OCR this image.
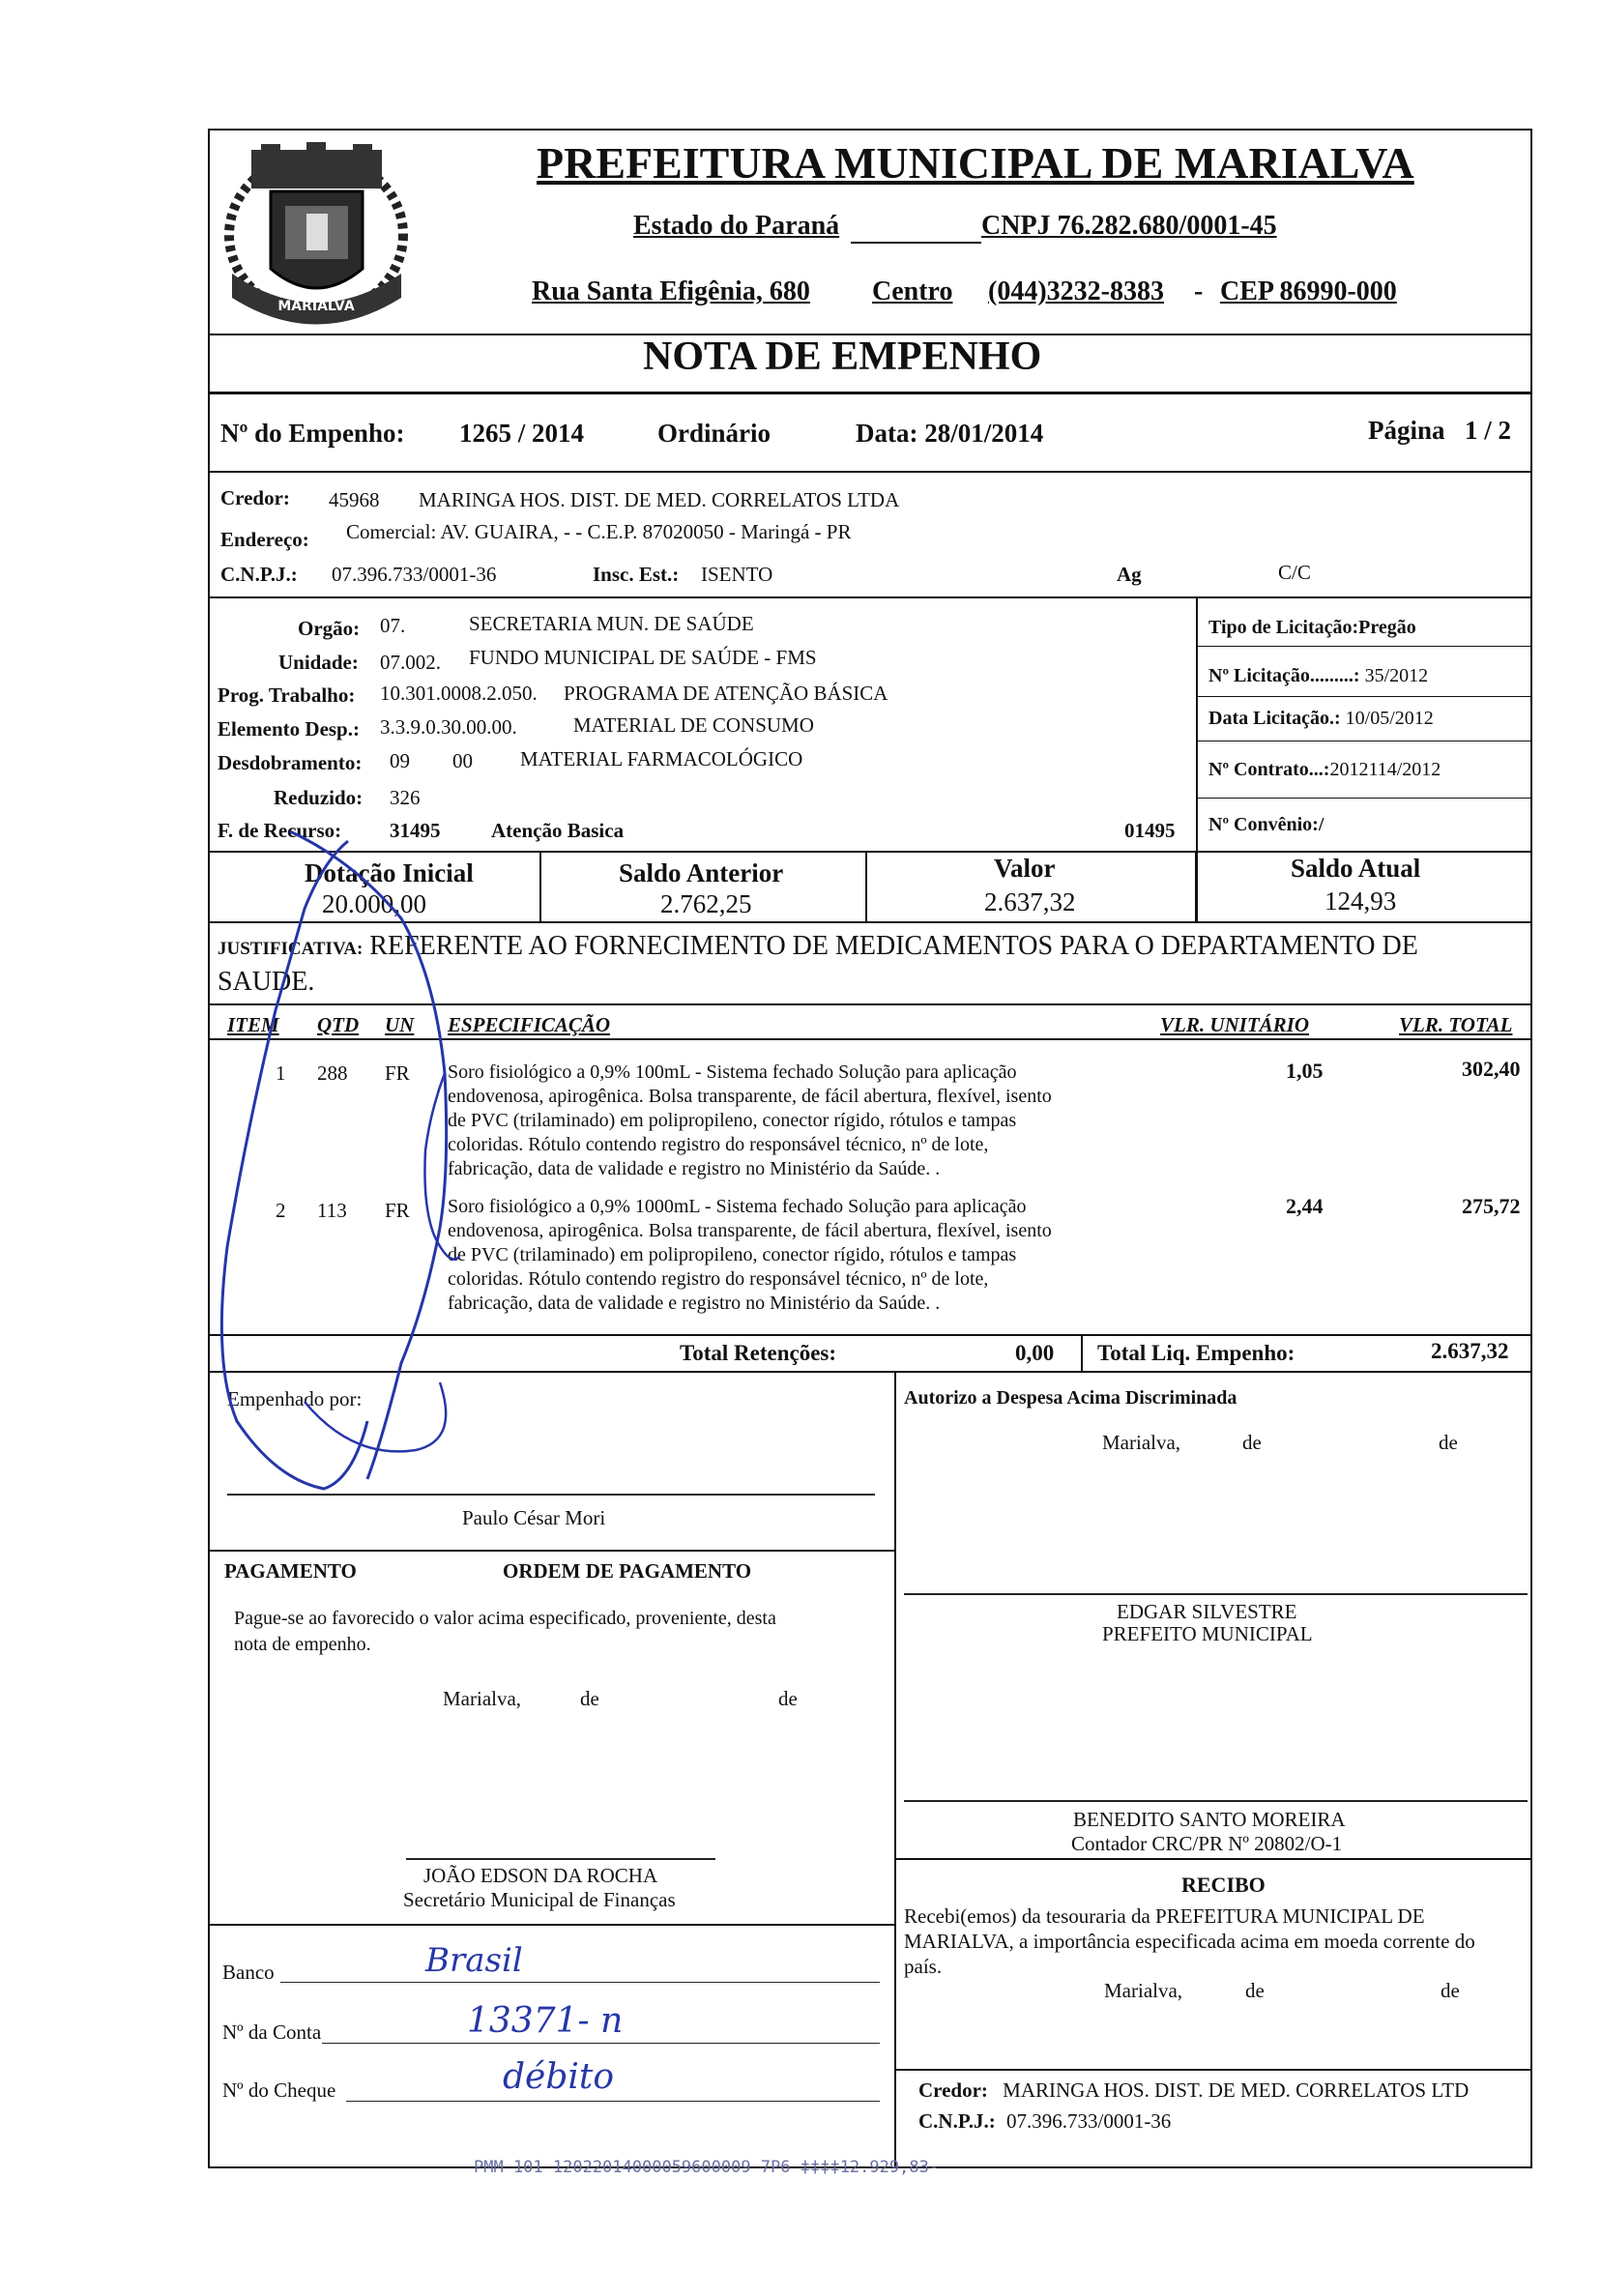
MARIALVA
PREFEITURA MUNICIPAL DE MARIALVA
Estado do Paraná	CNPJ 76.282.680/0001-45
Rua Santa Efigênia, 680 Centro (044)3232-8383 - CEP 86990-000
NOTA DE EMPENHO
Nº do Empenho: 1265 / 2014	Ordinário	Data: 28/01/2014	Página 1 / 2
Credor: 45968 MARINGA HOS. DIST. DE MED. CORRELATOS LTDA
Endereço: Comercial: AV. GUAIRA, - - C.E.P. 87020050 - Maringá - PR
C.N.P.J.: 07.396.733/0001-36	Insc. Est.: ISENTO	Ag	C/C
Orgão: 07.	SECRETARIA MUN. DE SAÚDE
Unidade: 07.002. FUNDO MUNICIPAL DE SAÚDE - FMS
Prog. Trabalho: 10.301.0008.2.050. PROGRAMA DE ATENÇÃO BÁSICA
Elemento Desp.: 3.3.9.0.30.00.00.	MATERIAL DE CONSUMO
Desdobramento: 09 00 MATERIAL FARMACOLÓGICO
Reduzido: 326
F. de Recurso: 31495	Atenção Basica	01495
Tipo de Licitação:Pregão
Nº Licitação.........: 35/2012
Data Licitação.: 10/05/2012
Nº Contrato...:2012114/2012
Nº Convênio:/
Dotação Inicial
20.000,00
Saldo Anterior
2.762,25
Valor
2.637,32
Saldo Atual
124,93
JUSTIFICATIVA: REFERENTE AO FORNECIMENTO DE MEDICAMENTOS PARA O DEPARTAMENTO DE
SAUDE.
ITEM QTD UN ESPECIFICAÇÃO	VLR. UNITÁRIO	VLR. TOTAL
1 288 FR Soro fisiológico a 0,9% 100mL - Sistema fechado Solução para aplicação
endovenosa, apirogênica. Bolsa transparente, de fácil abertura, flexível, isento
de PVC (trilaminado) em polipropileno, conector rígido, rótulos e tampas
coloridas. Rótulo contendo registro do responsável técnico, nº de lote,
fabricação, data de validade e registro no Ministério da Saúde. .
1,05	302,40
2 113 FR Soro fisiológico a 0,9% 1000mL - Sistema fechado Solução para aplicação
endovenosa, apirogênica. Bolsa transparente, de fácil abertura, flexível, isento
de PVC (trilaminado) em polipropileno, conector rígido, rótulos e tampas
coloridas. Rótulo contendo registro do responsável técnico, nº de lote,
fabricação, data de validade e registro no Ministério da Saúde. .
2,44	275,72
Total Retenções:	0,00 Total Liq. Empenho:	2.637,32
Empenhado por:
Paulo César Mori
Autorizo a Despesa Acima Discriminada
Marialva,	de	de
PAGAMENTO	ORDEM DE PAGAMENTO
Pague-se ao favorecido o valor acima especificado, proveniente, desta
nota de empenho.
Marialva,	de	de
EDGAR SILVESTRE
PREFEITO MUNICIPAL
BENEDITO SANTO MOREIRA
Contador CRC/PR Nº 20802/O-1
RECIBO
Recebi(emos) da tesouraria da PREFEITURA MUNICIPAL DE
MARIALVA, a importância especificada acima em moeda corrente do
país.
Marialva,	de	de
JOÃO EDSON DA ROCHA
Secretário Municipal de Finanças
Banco	Brasil
Nº da Conta	13371- n
Nº do Cheque	débito	Credor: MARINGA HOS. DIST. DE MED. CORRELATOS LTD
C.N.P.J.: 07.396.733/0001-36
PMM 101 12022014000059600009 7P6 ‡‡‡‡12.929,83-
